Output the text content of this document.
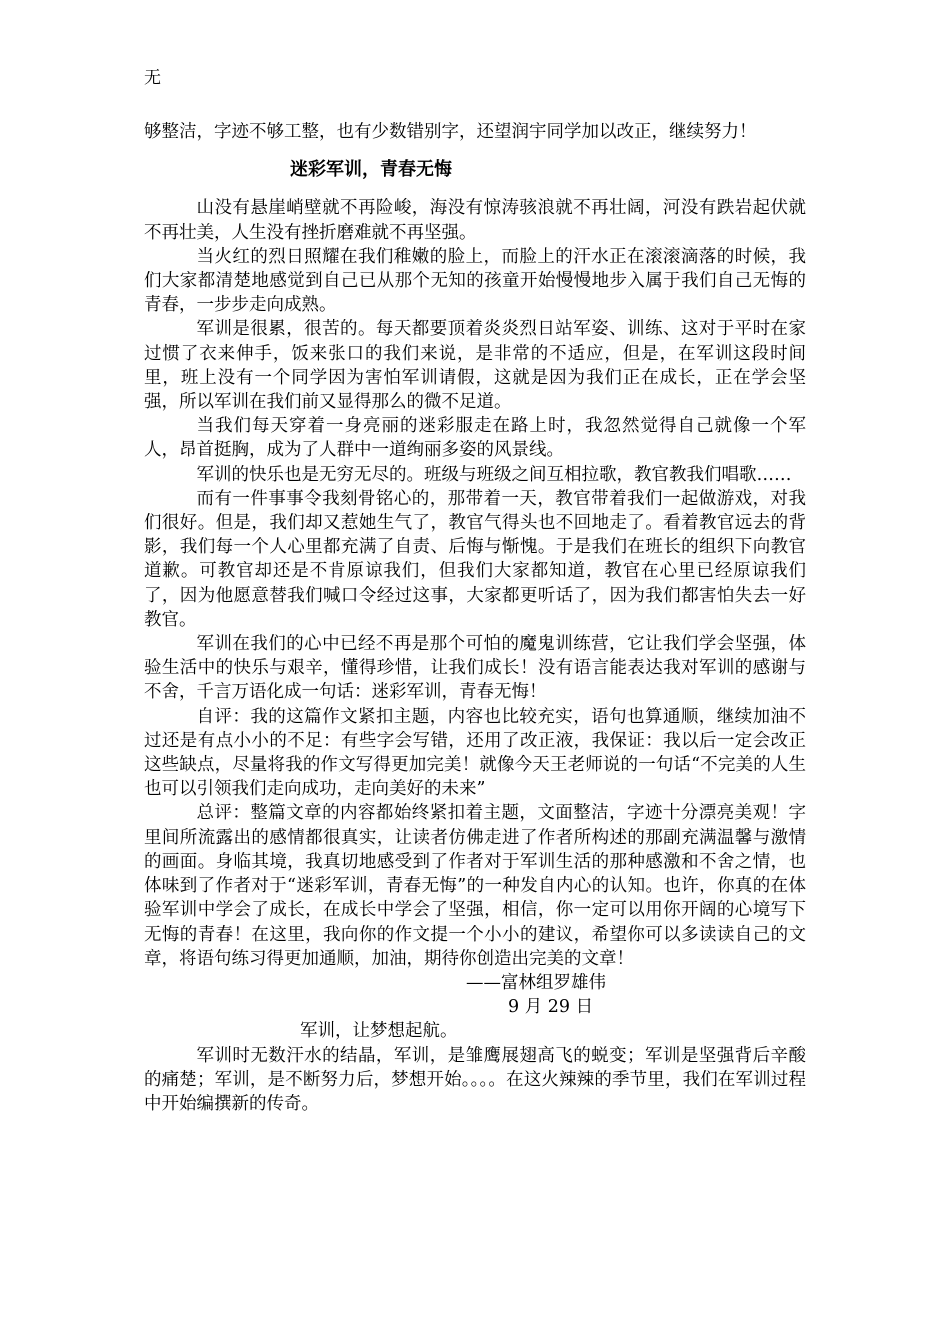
无

够整洁，字迹不够工整，也有少数错别字，还望润宇同学加以改正，继续努力！

迷彩军训，青春无悔

山没有悬崖峭壁就不再险峻，海没有惊涛骇浪就不再壮阔，河没有跌岩起伏就不再壮美，人生没有挫折磨难就不再坚强。

当火红的烈日照耀在我们稚嫩的脸上，而脸上的汗水正在滚滚滴落的时候，我们大家都清楚地感觉到自己已从那个无知的孩童开始慢慢地步入属于我们自己无悔的青春，一步步走向成熟。

军训是很累，很苦的。每天都要顶着炎炎烈日站军姿、训练、这对于平时在家过惯了衣来伸手，饭来张口的我们来说，是非常的不适应，但是，在军训这段时间里，班上没有一个同学因为害怕军训请假，这就是因为我们正在成长，正在学会坚强，所以军训在我们前又显得那么的微不足道。

当我们每天穿着一身亮丽的迷彩服走在路上时，我忽然觉得自己就像一个军人，昂首挺胸，成为了人群中一道绚丽多姿的风景线。

军训的快乐也是无穷无尽的。班级与班级之间互相拉歌，教官教我们唱歌……

而有一件事事令我刻骨铭心的，那带着一天，教官带着我们一起做游戏，对我们很好。但是，我们却又惹她生气了，教官气得头也不回地走了。看着教官远去的背影，我们每一个人心里都充满了自责、后悔与惭愧。于是我们在班长的组织下向教官道歉。可教官却还是不肯原谅我们，但我们大家都知道，教官在心里已经原谅我们了，因为他愿意替我们喊口令经过这事，大家都更听话了，因为我们都害怕失去一好教官。

军训在我们的心中已经不再是那个可怕的魔鬼训练营，它让我们学会坚强，体验生活中的快乐与艰辛，懂得珍惜，让我们成长！没有语言能表达我对军训的感谢与不舍，千言万语化成一句话：迷彩军训，青春无悔！

自评：我的这篇作文紧扣主题，内容也比较充实，语句也算通顺，继续加油不过还是有点小小的不足：有些字会写错，还用了改正液，我保证：我以后一定会改正这些缺点，尽量将我的作文写得更加完美！就像今天王老师说的一句话“不完美的人生也可以引领我们走向成功，走向美好的未来”

总评：整篇文章的内容都始终紧扣着主题，文面整洁，字迹十分漂亮美观！字里间所流露出的感情都很真实，让读者仿佛走进了作者所构述的那副充满温馨与激情的画面。身临其境，我真切地感受到了作者对于军训生活的那种感激和不舍之情，也体味到了作者对于“迷彩军训，青春无悔”的一种发自内心的认知。也许，你真的在体验军训中学会了成长，在成长中学会了坚强，相信，你一定可以用你开阔的心境写下无悔的青春！在这里，我向你的作文提一个小小的建议，希望你可以多读读自己的文章，将语句练习得更加通顺，加油，期待你创造出完美的文章！

——富林组罗雄伟

9 月 29 日

军训，让梦想起航。

军训时无数汗水的结晶，军训，是雏鹰展翅高飞的蜕变；军训是坚强背后辛酸的痛楚；军训，是不断努力后，梦想开始。。。。在这火辣辣的季节里，我们在军训过程中开始编撰新的传奇。
